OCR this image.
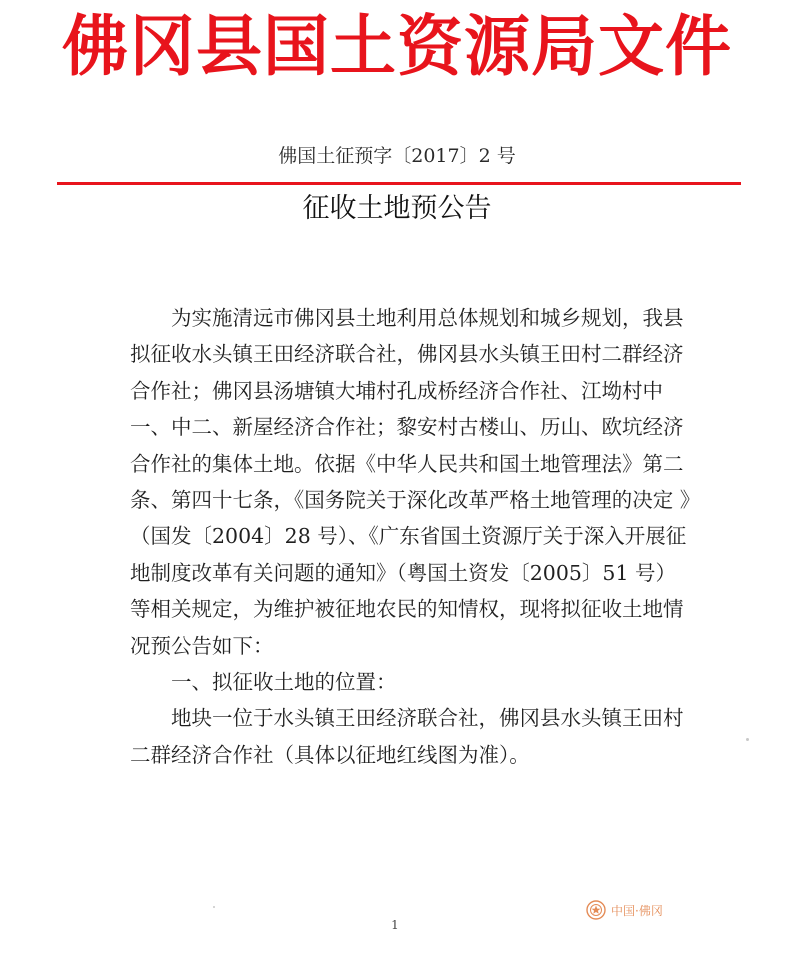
佛冈县国土资源局文件
佛国土征预字〔2017〕2 号
征收土地预公告

为实施清远市佛冈县土地利用总体规划和城乡规划，我县拟征收水头镇王田经济联合社，佛冈县水头镇王田村二群经济合作社；佛冈县汤塘镇大埔村孔成桥经济合作社、江坳村中一、中二、新屋经济合作社；黎安村古楼山、历山、欧坑经济合作社的集体土地。依据《中华人民共和国土地管理法》第二条、第四十七条，《国务院关于深化改革严格土地管理的决定 》（国发〔2004〕28 号）、《广东省国土资源厅关于深入开展征地制度改革有关问题的通知》（粤国土资发〔2005〕51 号）等相关规定，为维护被征地农民的知情权，现将拟征收土地情况预公告如下：

一、拟征收土地的位置：

地块一位于水头镇王田经济联合社，佛冈县水头镇王田村二群经济合作社（具体以征地红线图为准）。

1
中国·佛冈
